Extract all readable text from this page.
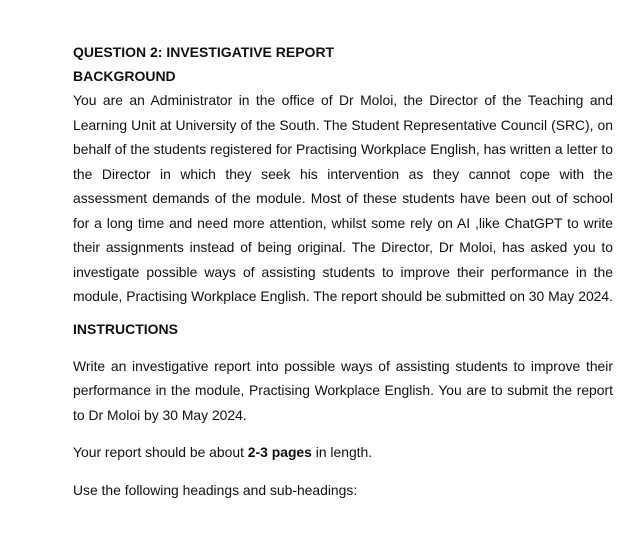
QUESTION 2: INVESTIGATIVE REPORT

BACKGROUND

You are an Administrator in the office of Dr Moloi, the Director of the Teaching and Learning Unit at University of the South. The Student Representative Council (SRC), on behalf of the students registered for Practising Workplace English, has written a letter to the Director in which they seek his intervention as they cannot cope with the assessment demands of the module. Most of these students have been out of school for a long time and need more attention, whilst some rely on AI ,like ChatGPT to write their assignments instead of being original. The Director, Dr Moloi, has asked you to investigate possible ways of assisting students to improve their performance in the module, Practising Workplace English. The report should be submitted on 30 May 2024.

INSTRUCTIONS

Write an investigative report into possible ways of assisting students to improve their performance in the module, Practising Workplace English. You are to submit the report to Dr Moloi by 30 May 2024.

Your report should be about 2-3 pages in length.

Use the following headings and sub-headings:
